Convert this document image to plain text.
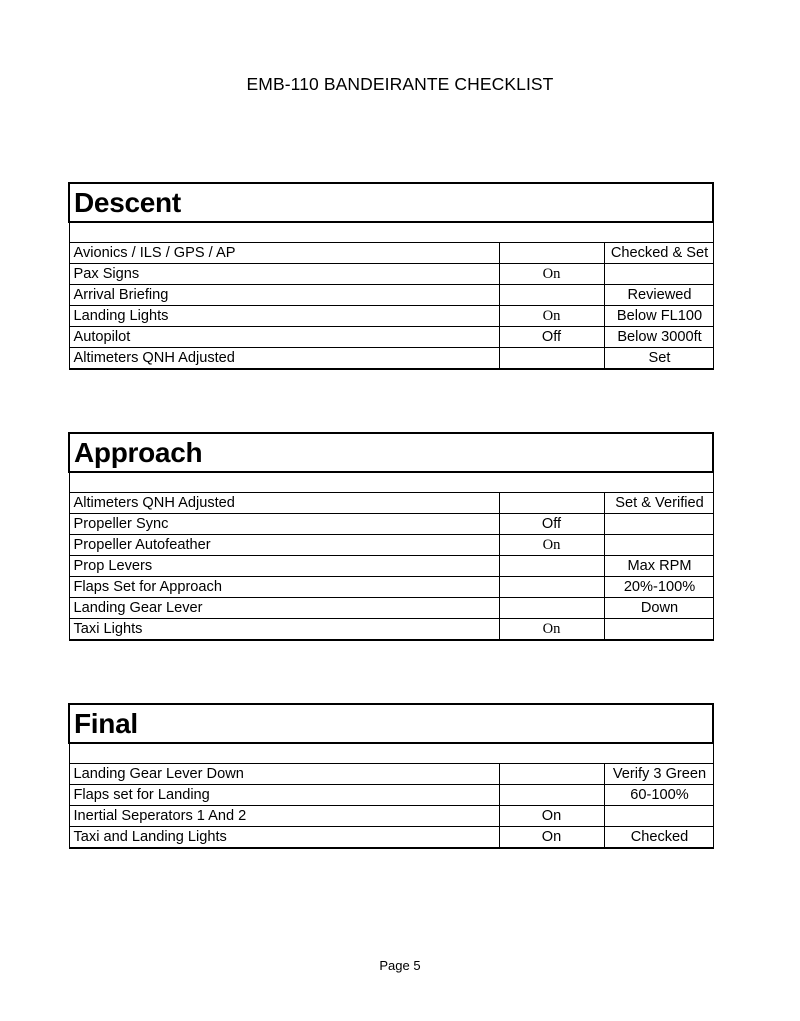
EMB-110 BANDEIRANTE CHECKLIST
Descent		

Avionics / ILS / GPS / AP		Checked & Set
Pax Signs	On	
Arrival Briefing		Reviewed
Landing Lights	On	Below FL100
Autopilot	Off	Below 3000ft
Altimeters QNH Adjusted		Set
Approach		

Altimeters QNH Adjusted		Set & Verified
Propeller Sync	Off	
Propeller Autofeather	On	
Prop Levers		Max RPM
Flaps Set for Approach		20%-100%
Landing Gear Lever		Down
Taxi Lights	On	
Final		

Landing Gear Lever Down		Verify 3 Green
Flaps set for Landing		60-100%
Inertial Seperators 1 And 2	On	
Taxi and Landing Lights	On	Checked
Page 5
